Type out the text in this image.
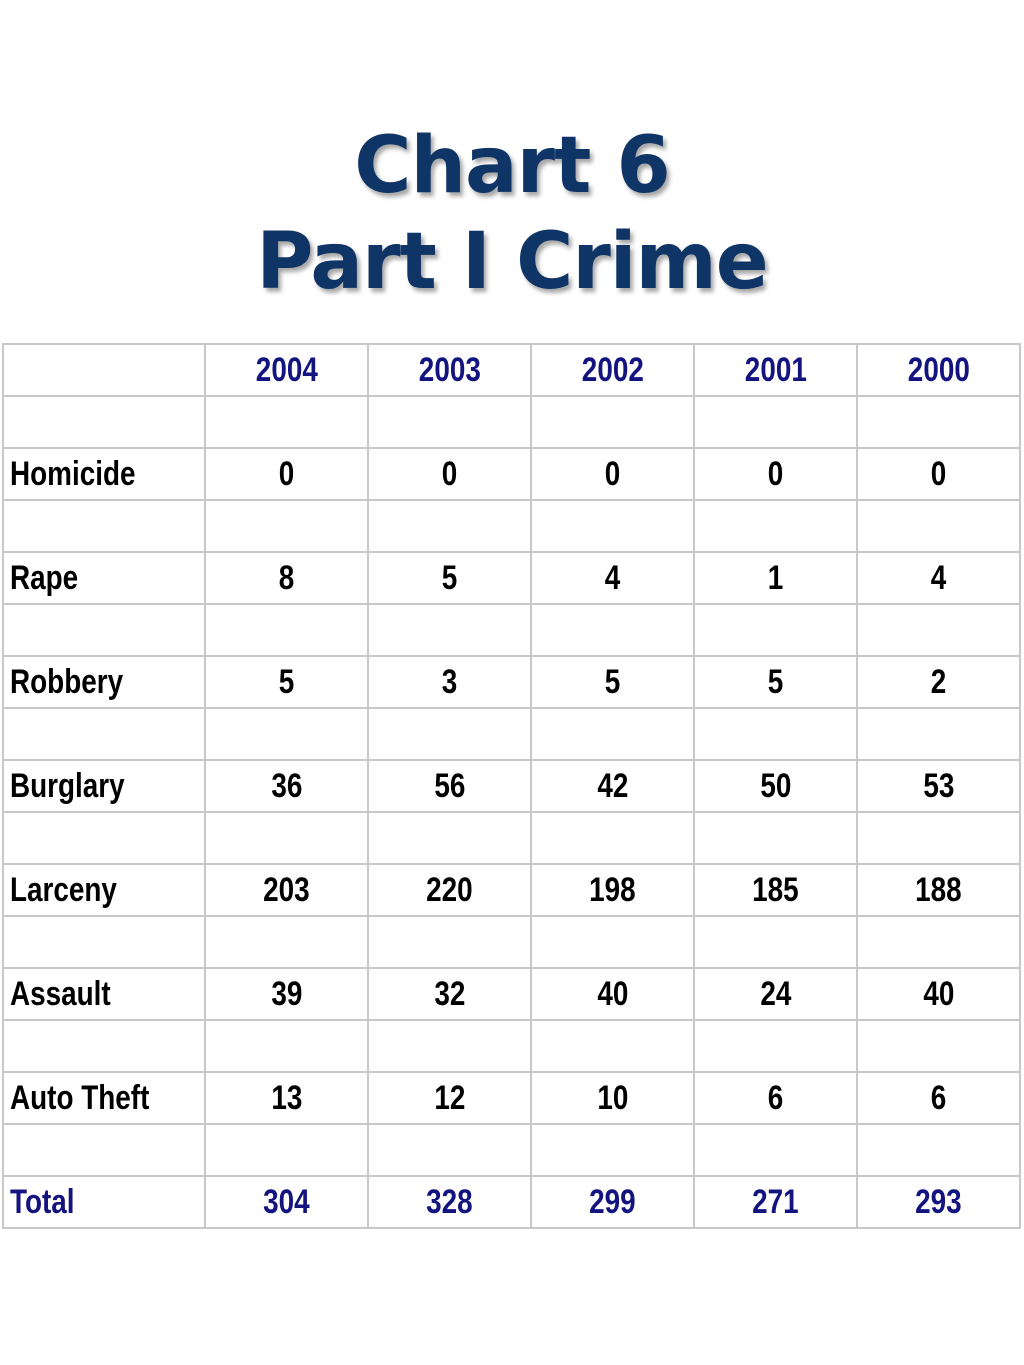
Chart 6
Part I Crime
	2004	2003	2002	2001	2000

Homicide	0	0	0	0	0

Rape	8	5	4	1	4

Robbery	5	3	5	5	2

Burglary	36	56	42	50	53

Larceny	203	220	198	185	188

Assault	39	32	40	24	40

Auto Theft	13	12	10	6	6

Total	304	328	299	271	293
